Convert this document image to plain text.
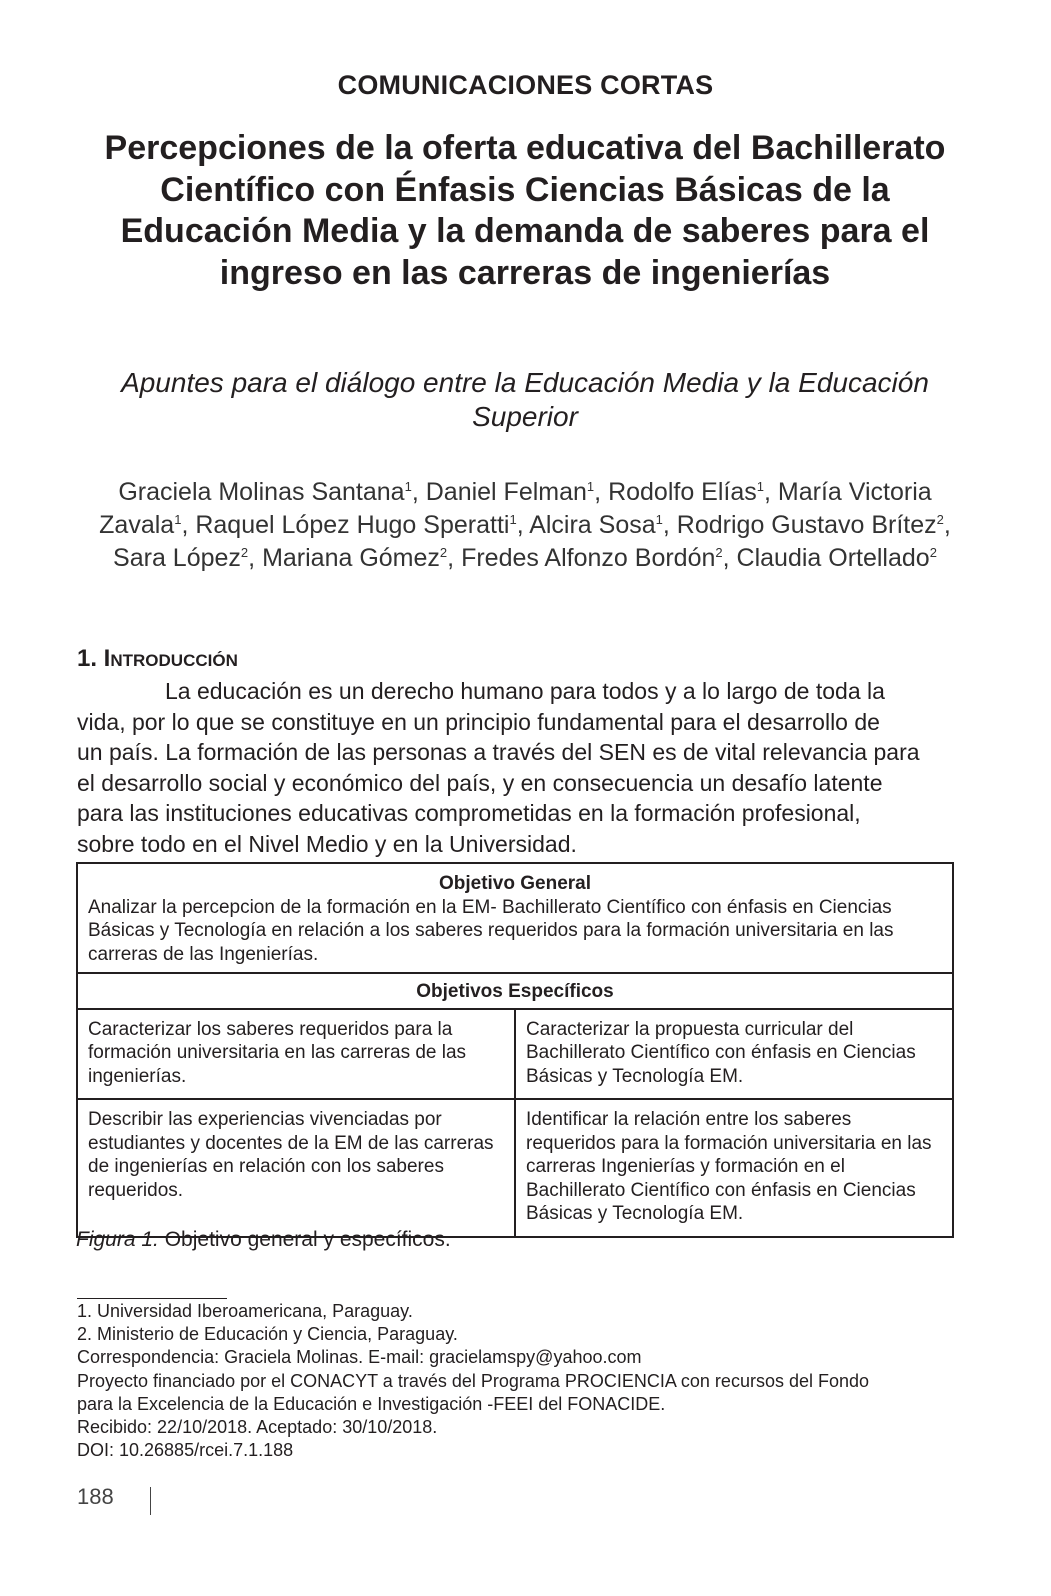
COMUNICACIONES CORTAS
Percepciones de la oferta educativa del Bachillerato Científico con Énfasis Ciencias Básicas de la Educación Media y la demanda de saberes para el ingreso en las carreras de ingenierías
Apuntes para el diálogo entre la Educación Media y la Educación Superior
Graciela Molinas Santana$^1$, Daniel Felman$^1$, Rodolfo Elías$^1$, María Victoria Zavala$^1$, Raquel López Hugo Speratti$^1$, Alcira Sosa$^1$, Rodrigo Gustavo Brítez$^2$, Sara López$^2$, Mariana Gómez$^2$, Fredes Alfonzo Bordón$^2$, Claudia Ortellado$^2$
1. Introducción
La educación es un derecho humano para todos y a lo largo de toda la
vida, por lo que se constituye en un principio fundamental para el desarrollo de
un país. La formación de las personas a través del SEN es de vital relevancia para
el desarrollo social y económico del país, y en consecuencia un desafío latente
para las instituciones educativas comprometidas en la formación profesional,
sobre todo en el Nivel Medio y en la Universidad.
Objetivo General
Analizar la percepcion de la formación en la EM- Bachillerato Científico con énfasis en Ciencias Básicas y Tecnología en relación a los saberes requeridos para la formación universitaria en las carreras de las Ingenierías.	
Objetivos Específicos	
Caracterizar los saberes requeridos para la formación universitaria en las carreras de las ingenierías.	Caracterizar la propuesta curricular del Bachillerato Científico con énfasis en Ciencias Básicas y Tecnología EM.
Describir las experiencias vivenciadas por estudiantes y docentes de la EM de las carreras de ingenierías en relación con los saberes requeridos.	Identificar la relación entre los saberes requeridos para la formación universitaria en las carreras Ingenierías y formación en el Bachillerato Científico con énfasis en Ciencias Básicas y Tecnología EM.
Figura 1. Objetivo general y específicos.
1. Universidad Iberoamericana, Paraguay.
2. Ministerio de Educación y Ciencia, Paraguay.
Correspondencia: Graciela Molinas. E-mail: gracielamspy@yahoo.com
Proyecto financiado por el CONACYT a través del Programa PROCIENCIA con recursos del Fondo
para la Excelencia de la Educación e Investigación -FEEI del FONACIDE.
Recibido: 22/10/2018. Aceptado: 30/10/2018.
DOI: 10.26885/rcei.7.1.188
188
